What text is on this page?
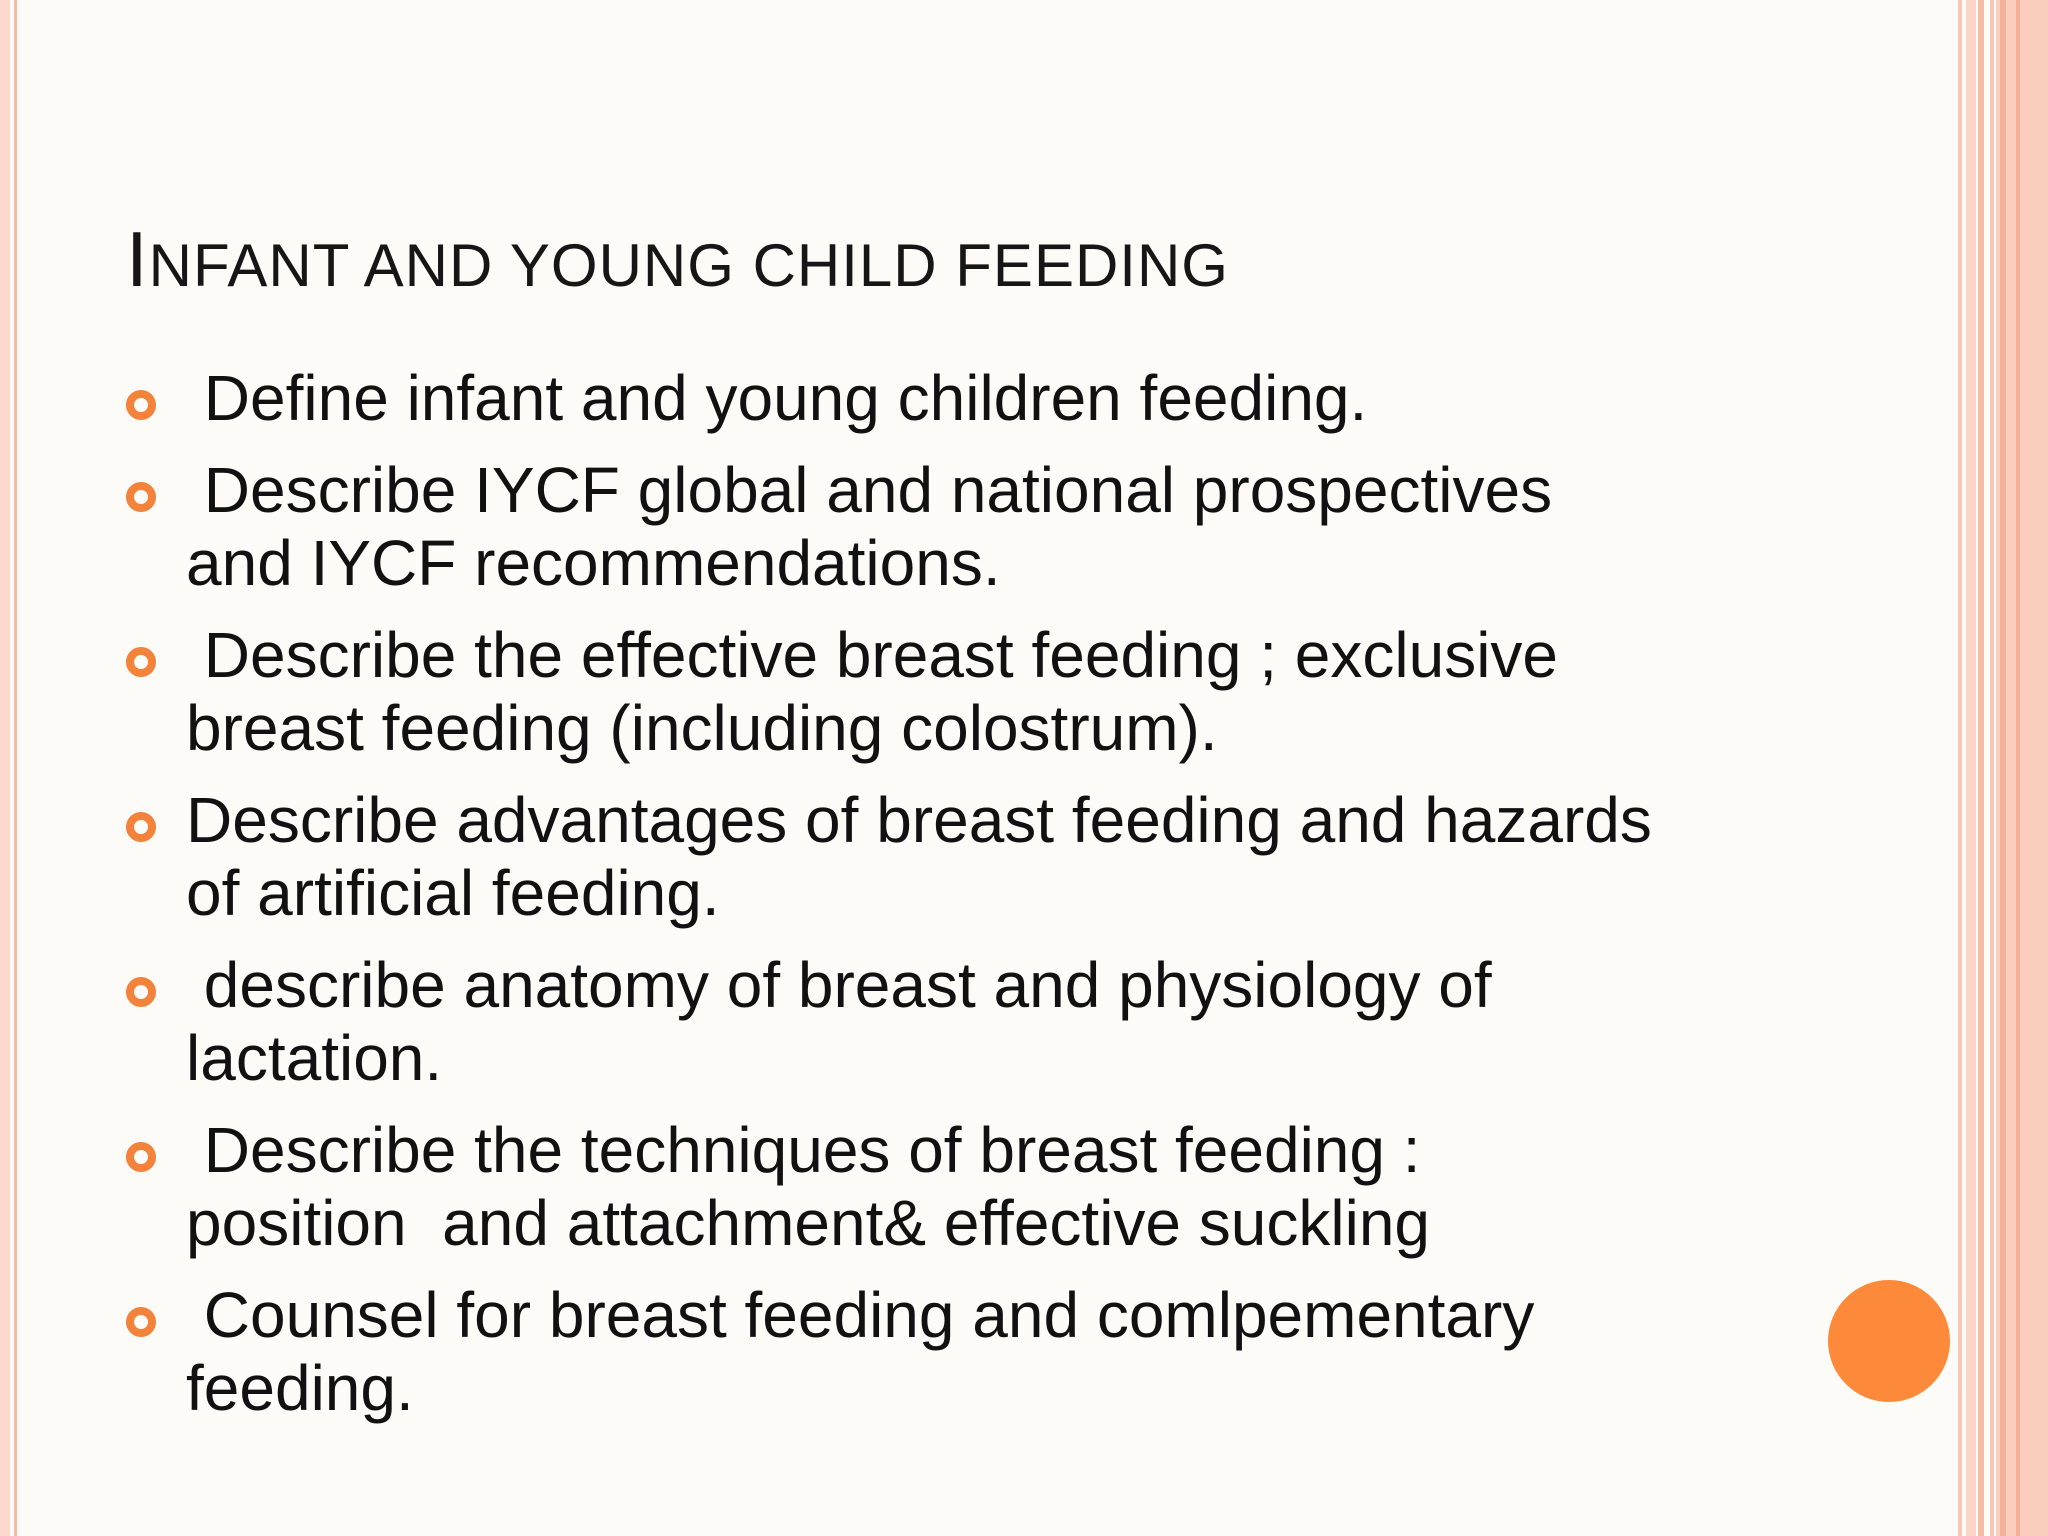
INFANT AND YOUNG CHILD FEEDING
Define infant and young children feeding.
Describe IYCF global and national prospectives
and IYCF recommendations.
Describe the effective breast feeding ; exclusive
breast feeding (including colostrum).
Describe advantages of breast feeding and hazards
of artificial feeding.
describe anatomy of breast and physiology of
lactation.
Describe the techniques of breast feeding :
position  and attachment& effective suckling
Counsel for breast feeding and comlpementary
feeding.
